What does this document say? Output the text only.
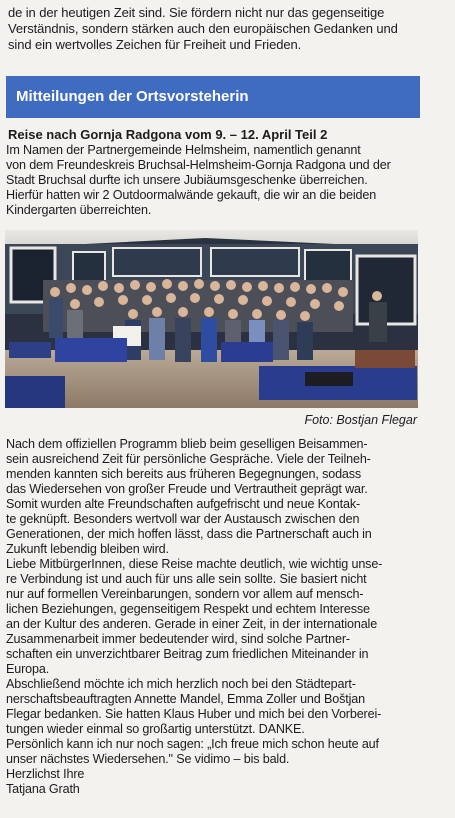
de in der heutigen Zeit sind. Sie fördern nicht nur das gegenseitige

Verständnis, sondern stärken auch den europäischen Gedanken und

sind ein wertvolles Zeichen für Freiheit und Frieden.

Mitteilungen der Ortsvorsteherin
Reise nach Gornja Radgona vom 9. – 12. April Teil 2

Im Namen der Partnergemeinde Helmsheim, namentlich genannt

von dem Freundeskreis Bruchsal-Helmsheim-Gornja Radgona und der

Stadt Bruchsal durfte ich unsere Jubiäumsgeschenke überreichen.

Hierfür hatten wir 2 Outdoormalwände gekauft, die wir an die beiden

Kindergarten überreichten.

Foto: Bostjan Flegar

Nach dem offiziellen Programm blieb beim geselligen Beisammen-

sein ausreichend Zeit für persönliche Gespräche. Viele der Teilneh-

menden kannten sich bereits aus früheren Begegnungen, sodass

das Wiedersehen von großer Freude und Vertrautheit geprägt war.

Somit wurden alte Freundschaften aufgefrischt und neue Kontak-

te geknüpft. Besonders wertvoll war der Austausch zwischen den

Generationen, der mich hoffen lässt, dass die Partnerschaft auch in

Zukunft lebendig bleiben wird.

Liebe MitbürgerInnen, diese Reise machte deutlich, wie wichtig unse-

re Verbindung ist und auch für uns alle sein sollte. Sie basiert nicht

nur auf formellen Vereinbarungen, sondern vor allem auf mensch-

lichen Beziehungen, gegenseitigem Respekt und echtem Interesse

an der Kultur des anderen. Gerade in einer Zeit, in der internationale

Zusammenarbeit immer bedeutender wird, sind solche Partner-

schaften ein unverzichtbarer Beitrag zum friedlichen Miteinander in

Europa.

Abschließend möchte ich mich herzlich noch bei den Städtepart-

nerschaftsbeauftragten Annette Mandel, Emma Zoller und Boštjan

Flegar bedanken. Sie hatten Klaus Huber und mich bei den Vorberei-

tungen wieder einmal so großartig unterstützt. DANKE.

Persönlich kann ich nur noch sagen: „Ich freue mich schon heute auf

unser nächstes Wiedersehen." Se vidimo – bis bald.

Herzlichst Ihre

Tatjana Grath
